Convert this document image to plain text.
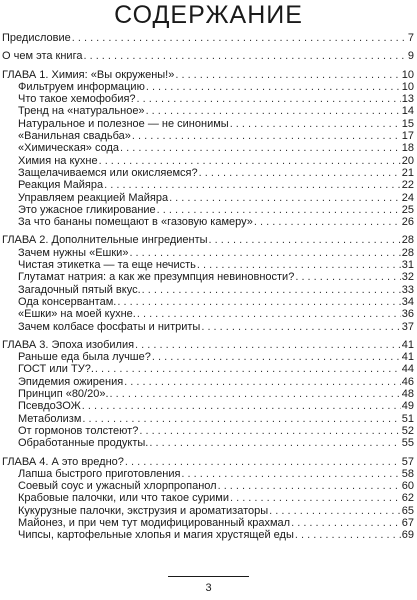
СОДЕРЖАНИЕ
Предисловие . . .	7
О чем эта книга . . .	9
ГЛАВА 1. Химия: «Вы окружены!» . . .	10
Фильтруем информацию . . .	10
Что такое хемофобия? . . .	13
Тренд на «натуральное» . . .	14
Натуральное и полезное — не синонимы . . .	15
«Ванильная свадьба» . . .	17
«Химическая» сода . . .	18
Химия на кухне . . .	20
Защелачиваемся или окисляемся? . . .	21
Реакция Майяра . . .	22
Управляем реакцией Майяра . . .	24
Это ужасное гликирование . . .	25
За что бананы помещают в «газовую камеру» . . .	26
ГЛАВА 2. Дополнительные ингредиенты . . .	28
Зачем нужны «Ешки» . . .	28
Чистая этикетка — та еще нечисть . . .	31
Глутамат натрия: а как же презумпция невиновности? . . .	32
Загадочный пятый вкус. . . .	33
Ода консервантам. . . .	34
«Ешки» на моей кухне. . . .	36
Зачем колбасе фосфаты и нитриты . . .	37
ГЛАВА 3. Эпоха изобилия . . .	41
Раньше еда была лучше? . . .	41
ГОСТ или ТУ?. . . .	44
Эпидемия ожирения . . .	46
Принцип «80/20». . . .	48
ПсевдоЗОЖ . . .	49
Метаболизм . . .	51
От гормонов толстеют? . . .	52
Обработанные продукты. . . .	55
ГЛАВА 4. А это вредно? . . .	57
Лапша быстрого приготовления . . .	58
Соевый соус и ужасный хлорпропанол . . .	60
Крабовые палочки, или что такое сурими . . .	62
Кукурузные палочки, экструзия и ароматизаторы . . .	65
Майонез, и при чем тут модифицированный крахмал . . .	67
Чипсы, картофельные хлопья и магия хрустящей еды . . .	69
3
